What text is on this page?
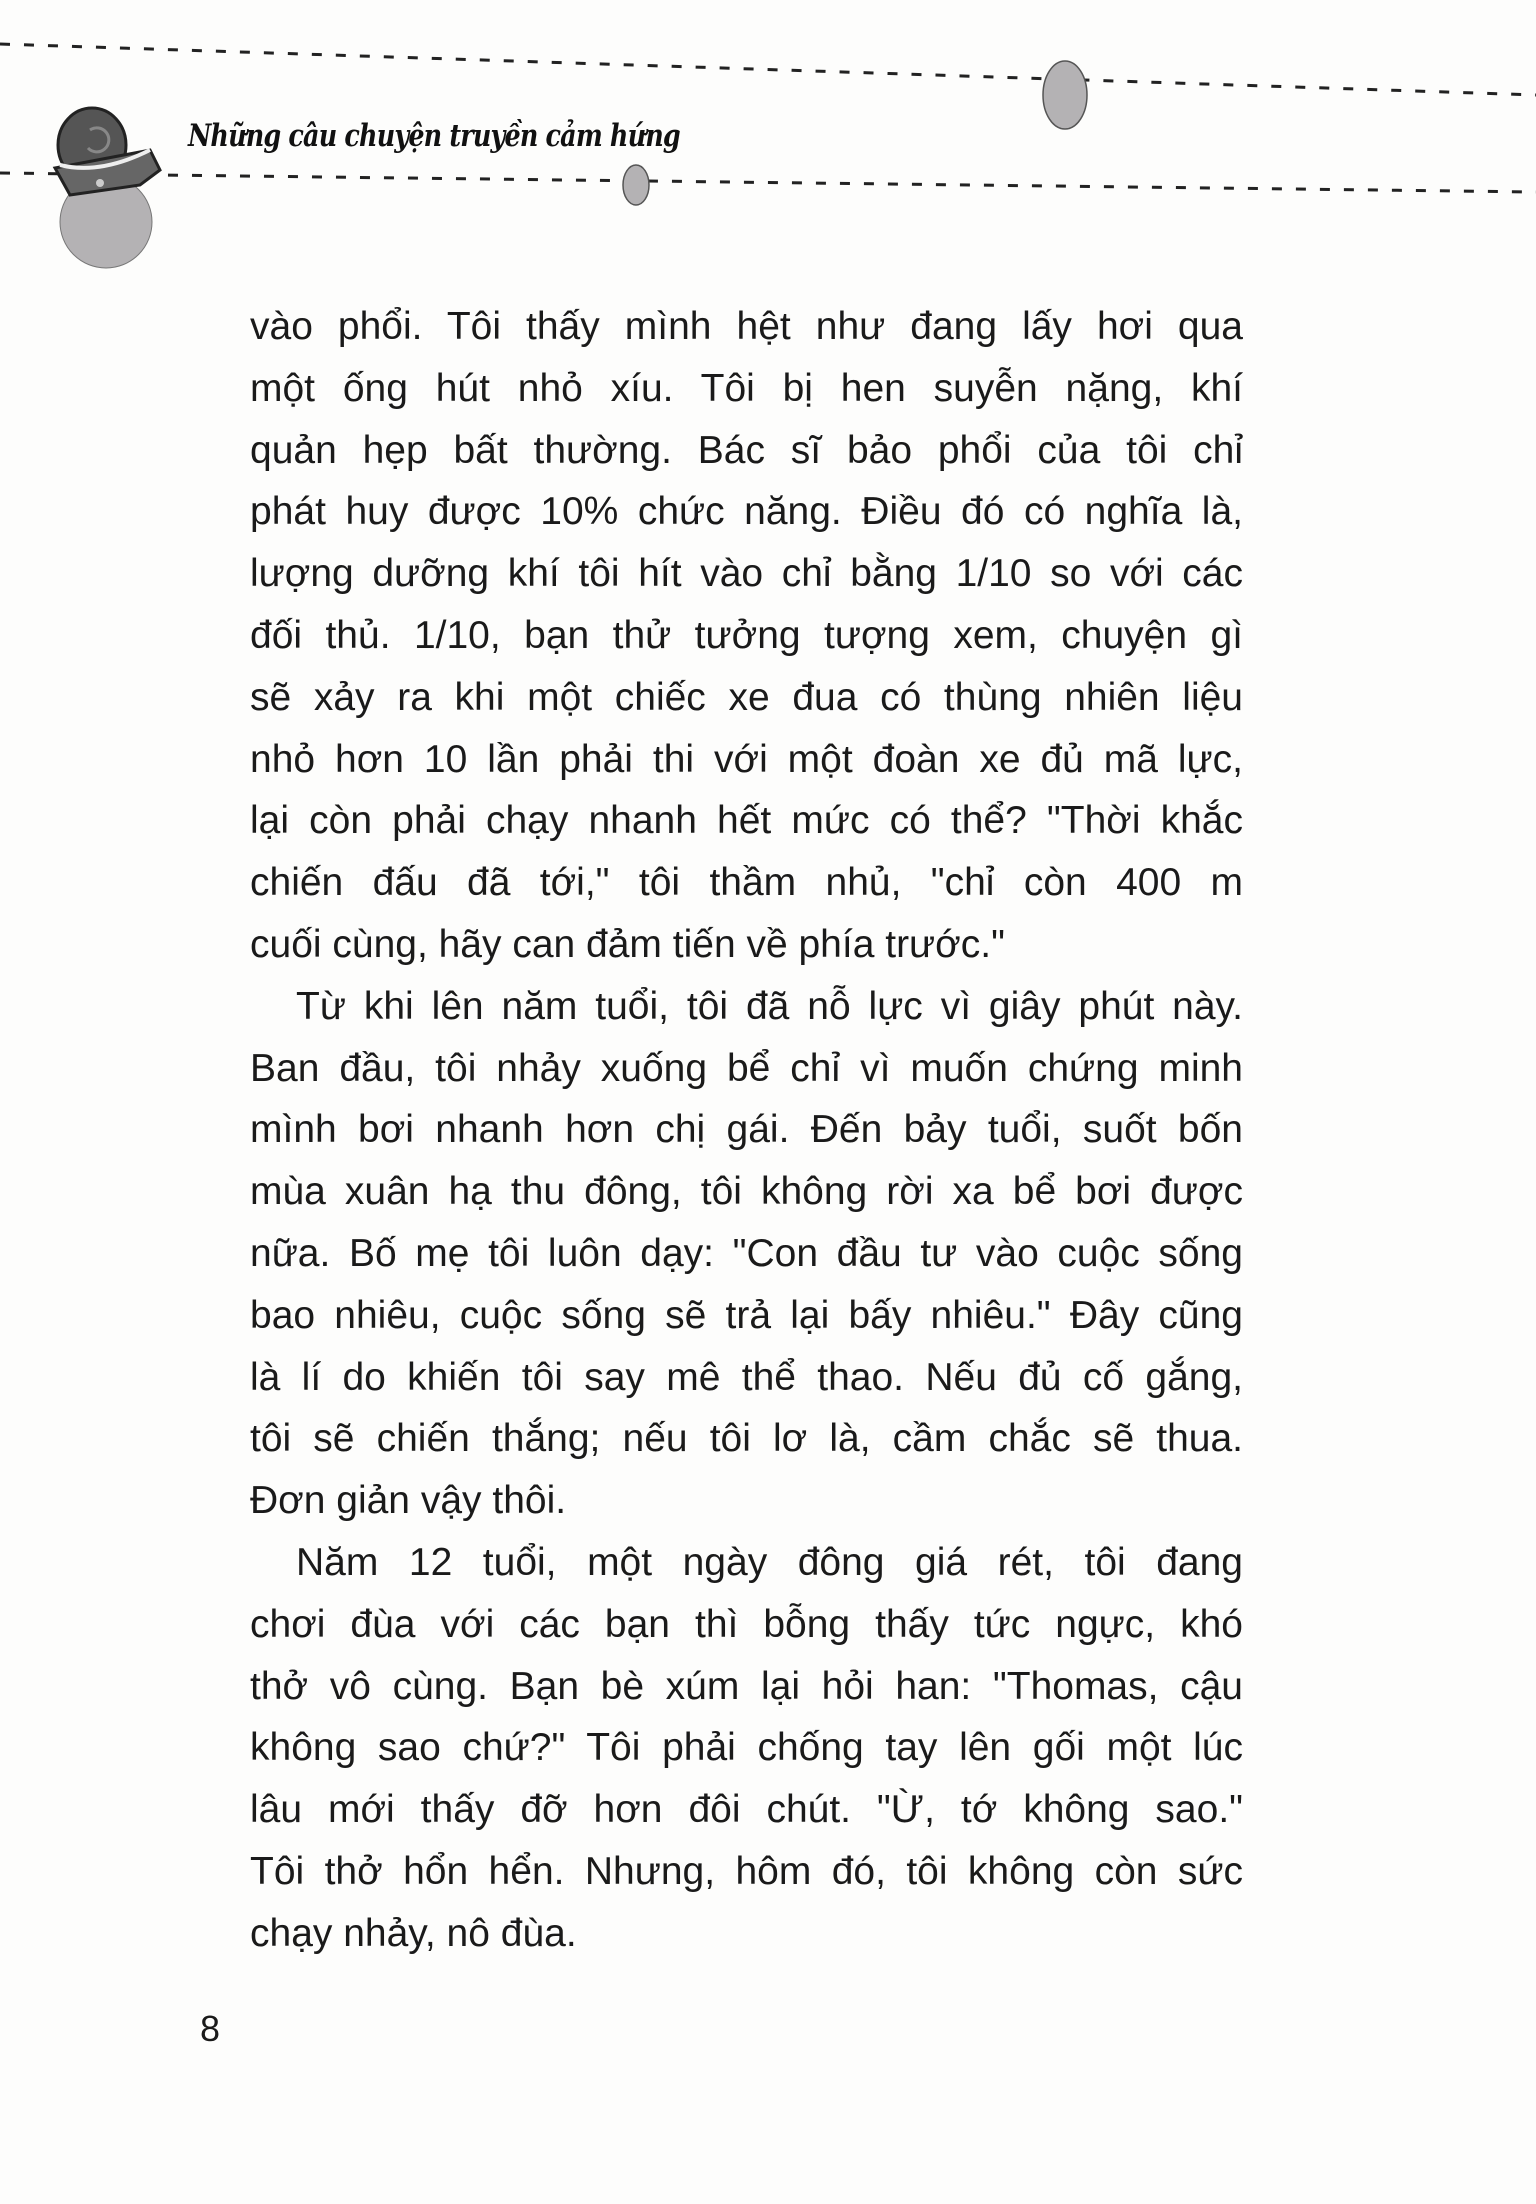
Những câu chuyện truyền cảm hứng
vào phổi. Tôi thấy mình hệt như đang lấy hơi qua
một ống hút nhỏ xíu. Tôi bị hen suyễn nặng, khí
quản hẹp bất thường. Bác sĩ bảo phổi của tôi chỉ
phát huy được 10% chức năng. Điều đó có nghĩa là,
lượng dưỡng khí tôi hít vào chỉ bằng 1/10 so với các
đối thủ. 1/10, bạn thử tưởng tượng xem, chuyện gì
sẽ xảy ra khi một chiếc xe đua có thùng nhiên liệu
nhỏ hơn 10 lần phải thi với một đoàn xe đủ mã lực,
lại còn phải chạy nhanh hết mức có thể? "Thời khắc
chiến đấu đã tới," tôi thầm nhủ, "chỉ còn 400 m
cuối cùng, hãy can đảm tiến về phía trước."
Từ khi lên năm tuổi, tôi đã nỗ lực vì giây phút này.
Ban đầu, tôi nhảy xuống bể chỉ vì muốn chứng minh
mình bơi nhanh hơn chị gái. Đến bảy tuổi, suốt bốn
mùa xuân hạ thu đông, tôi không rời xa bể bơi được
nữa. Bố mẹ tôi luôn dạy: "Con đầu tư vào cuộc sống
bao nhiêu, cuộc sống sẽ trả lại bấy nhiêu." Đây cũng
là lí do khiến tôi say mê thể thao. Nếu đủ cố gắng,
tôi sẽ chiến thắng; nếu tôi lơ là, cầm chắc sẽ thua.
Đơn giản vậy thôi.
Năm 12 tuổi, một ngày đông giá rét, tôi đang
chơi đùa với các bạn thì bỗng thấy tức ngực, khó
thở vô cùng. Bạn bè xúm lại hỏi han: "Thomas, cậu
không sao chứ?" Tôi phải chống tay lên gối một lúc
lâu mới thấy đỡ hơn đôi chút. "Ừ, tớ không sao."
Tôi thở hổn hển. Nhưng, hôm đó, tôi không còn sức
chạy nhảy, nô đùa.
8
